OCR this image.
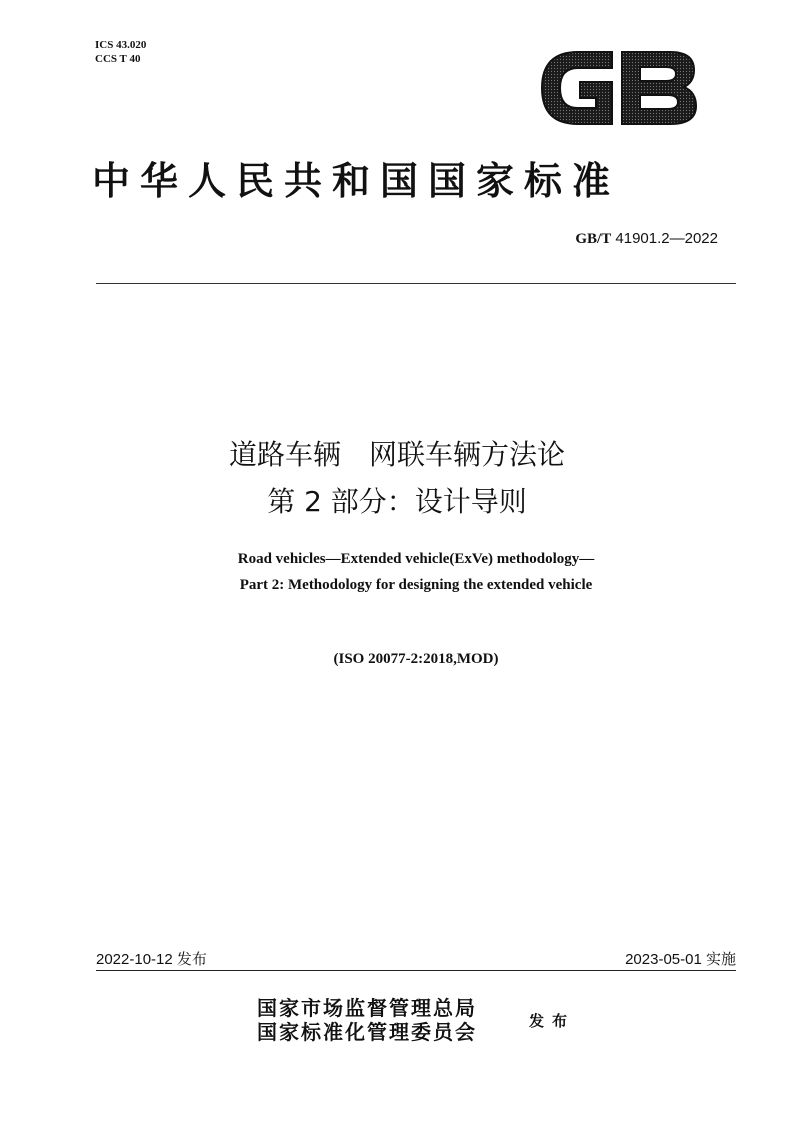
ICS 43.020
CCS T 40
中华人民共和国国家标准
GB/T 41901.2—2022
道路车辆　网联车辆方法论
第 2 部分：设计导则
Road vehicles—Extended vehicle(ExVe) methodology—
Part 2: Methodology for designing the extended vehicle
(ISO 20077-2:2018,MOD)
2022-10-12 发布	2023-05-01 实施
国家市场监督管理总局
国家标准化管理委员会	发布
